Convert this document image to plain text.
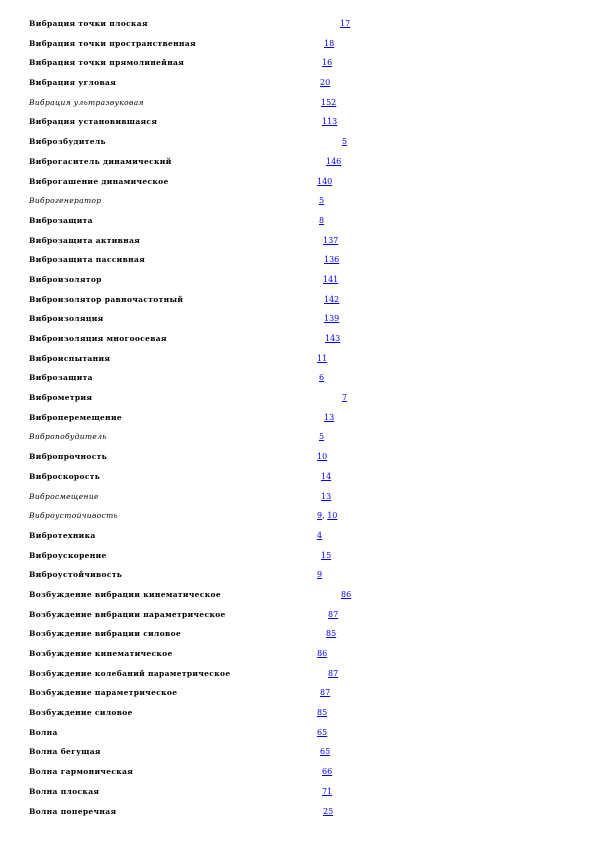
Вибрация точки плоская	17
Вибрация точки пространственная	18
Вибрация точки прямолинейная	16
Вибрация угловая	20
Вибрация ультразвуковая	152
Вибрация установившаяся	113
Виброзбудитель	5
Виброгаситель динамический	146
Виброгашение динамическое	140
Виброгенератор	5
Виброзащита	8
Виброзащита активная	137
Виброзащита пассивная	136
Виброизолятор	141
Виброизолятор равночастотный	142
Виброизоляция	139
Виброизоляция многоосевая	143
Виброиспытания	11
Виброзащита	6
Виброметрия	7
Виброперемещение	13
Вибропобудитель	5
Вибропрочность	10
Виброскорость	14
Вибросмещение	13
Виброустойчивость	9, 10
Вибротехника	4
Виброускорение	15
Виброустойчивость	9
Возбуждение вибрации кинематическое	86
Возбуждение вибрации параметрическое	87
Возбуждение вибрации силовое	85
Возбуждение кинематическое	86
Возбуждение колебаний параметрическое	87
Возбуждение параметрическое	87
Возбуждение силовое	85
Волна	65
Волна бегущая	65
Волна гармоническая	66
Волна плоская	71
Волна поперечная	25
